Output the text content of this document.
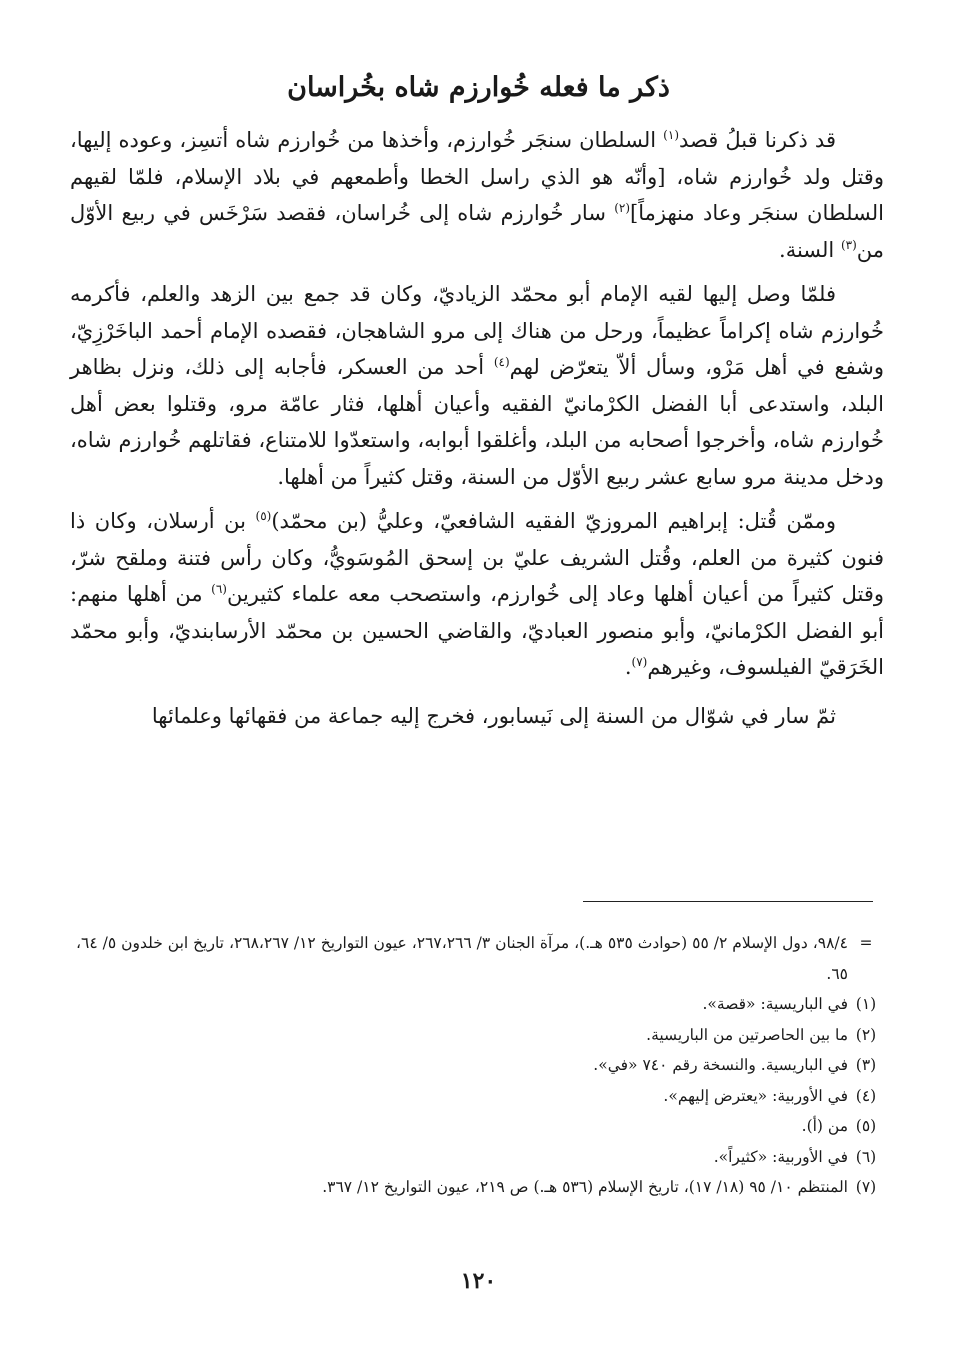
ذكر ما فعله خُوارزم شاه بخُراسان

قد ذكرنا قبلُ قصد$^{(١)}$ السلطان سنجَر خُوارزم، وأخذها من خُوارزم شاه أتسِز، وعوده إليها، وقتل ولد خُوارزم شاه، [وأنّه هو الذي راسل الخطا وأطمعهم في بلاد الإسلام، فلمّا لقيهم السلطان سنجَر وعاد منهزماً]$^{(٢)}$ سار خُوارزم شاه إلى خُراسان، فقصد سَرْخَس في ربيع الأوّل من$^{(٣)}$ السنة.

فلمّا وصل إليها لقيه الإمام أبو محمّد الزياديّ، وكان قد جمع بين الزهد والعلم، فأكرمه خُوارزم شاه إكراماً عظيماً، ورحل من هناك إلى مرو الشاهجان، فقصده الإمام أحمد الباخَرْزِيّ، وشفع في أهل مَرْو، وسأل ألاّ يتعرّض لهم$^{(٤)}$ أحد من العسكر، فأجابه إلى ذلك، ونزل بظاهر البلد، واستدعى أبا الفضل الكرْمانيّ الفقيه وأعيان أهلها، فثار عامّة مرو، وقتلوا بعض أهل خُوارزم شاه، وأخرجوا أصحابه من البلد، وأغلقوا أبوابه، واستعدّوا للامتناع، فقاتلهم خُوارزم شاه، ودخل مدينة مرو سابع عشر ربيع الأوّل من السنة، وقتل كثيراً من أهلها.

وممّن قُتل: إبراهيم المروزيّ الفقيه الشافعيّ، وعليُّ (بن محمّد)$^{(٥)}$ بن أرسلان، وكان ذا فنون كثيرة من العلم، وقُتل الشريف عليّ بن إسحق المُوسَويُّ، وكان رأس فتنة وملقح شرّ، وقتل كثيراً من أعيان أهلها وعاد إلى خُوارزم، واستصحب معه علماء كثيرين$^{(٦)}$ من أهلها منهم: أبو الفضل الكرْمانيّ، وأبو منصور العباديّ، والقاضي الحسين بن محمّد الأرسابنديّ، وأبو محمّد الخَرَقيّ الفيلسوف، وغيرهم$^{(٧)}$.

ثمّ سار في شوّال من السنة إلى نَيسابور، فخرج إليه جماعة من فقهائها وعلمائها

=
٩٨/٤، دول الإسلام ٢/ ٥٥ (حوادث ٥٣٥ هـ.)، مرآة الجنان ٣/ ٢٦٧،٢٦٦، عيون التواريخ ١٢/ ٢٦٨،٢٦٧، تاريخ ابن خلدون ٥/ ٦٤، ٦٥.
(١)
في الباريسية: «قصة».
(٢)
ما بين الحاصرتين من الباريسية.
(٣)
في الباريسية. والنسخة رقم ٧٤٠ «في».
(٤)
في الأوربية: «يعترض إليهم».
(٥)
من (أ).
(٦)
في الأوربية: «كثيراً».
(٧)
المنتظم ١٠/ ٩٥ (١٨/ ١٧)، تاريخ الإسلام (٥٣٦ هـ.) ص ٢١٩، عيون التواريخ ١٢/ ٣٦٧.
١٢٠
